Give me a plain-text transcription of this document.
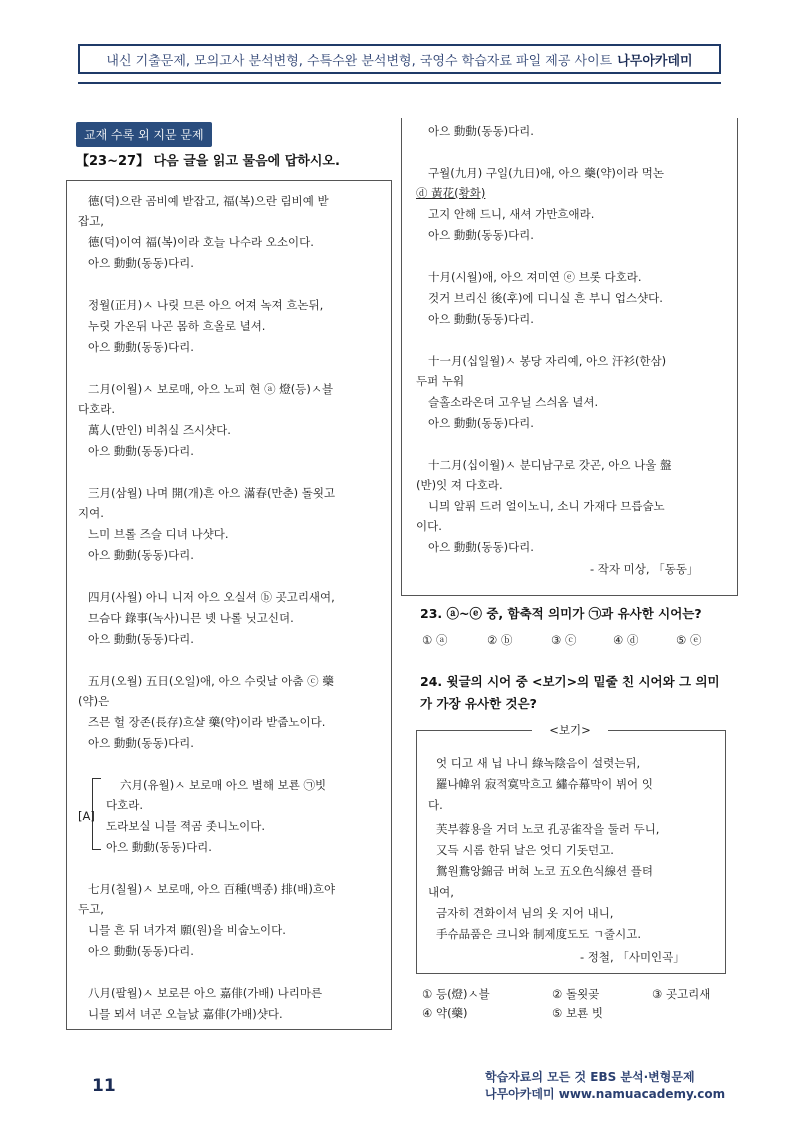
내신 기출문제, 모의고사 분석변형, 수특수완 분석변형, 국영수 학습자료 파일 제공 사이트 나무아카데미
교재 수록 외 지문 문제
【23~27】 다음 글을 읽고 물음에 답하시오.
德(덕)으란 곰비예 받잡고, 福(복)으란 림비예 받
잡고,
德(덕)이여 福(복)이라 호늘 나수라 오소이다.
아으 動動(동동)다리.
정월(正月)ㅅ 나릿 므른 아으 어져 녹져 흐논뒤,
누릿 가온뒤 나곤 몸하 흐올로 녈셔.
아으 動動(동동)다리.
二月(이월)ㅅ 보로매, 아으 노피 현 ⓐ 燈(등)ㅅ블
다호라.
萬人(만인) 비취실 즈시샷다.
아으 動動(동동)다리.
三月(삼월) 나며 開(개)흔 아으 滿春(만춘) 돌욋고
지여.
느미 브롤 즈슬 디녀 나샷다.
아으 動動(동동)다리.
四月(사월) 아니 니저 아으 오실셔 ⓑ 곳고리새여,
므슴다 錄事(녹사)니믄 녯 나롤 닛고신뎌.
아으 動動(동동)다리.
五月(오월) 五日(오일)애, 아으 수릿날 아춤 ⓒ 藥
(약)은
즈믄 헐 장존(長存)흐샬 藥(약)이라 받줍노이다.
아으 動動(동동)다리.
[A]
六月(유월)ㅅ 보로매 아으 별해 보룐 ㉠빗
다호라.
도라보실 니믈 젹곰 좃니노이다.
아으 動動(동동)다리.
七月(칠월)ㅅ 보로매, 아으 百種(백종) 排(배)흐야
두고,
니믈 흔 뒤 녀가져 願(원)을 비숩노이다.
아으 動動(동동)다리.
八月(팔월)ㅅ 보로믄 아으 嘉俳(가배) 나리마른
니믈 뫼셔 녀곤 오늘낤 嘉俳(가배)샷다.
아으 動動(동동)다리.
구월(九月) 구일(九日)애, 아으 藥(약)이라 먹논
ⓓ 黃花(황화)
고지 안해 드니, 새셔 가만흐애라.
아으 動動(동동)다리.
十月(시월)애, 아으 져미연 ⓔ 브롯 다호라.
것거 브리신 後(후)에 디니실 흔 부니 업스샷다.
아으 動動(동동)다리.
十一月(십일월)ㅅ 봉당 자리예, 아으 汗衫(한삼)
두퍼 누워
슬홀소라온뎌 고우닐 스싀옴 녈셔.
아으 動動(동동)다리.
十二月(십이월)ㅅ 분디남구로 갓곤, 아으 나울 盤
(반)잇 져 다호라.
니믜 알퓌 드러 얼이노니, 소니 가재다 므릅숩노
이다.
아으 動動(동동)다리.
- 작자 미상, 「동동」
23. ⓐ~ⓔ 중, 함축적 의미가 ㉠과 유사한 시어는?
① ⓐ	② ⓑ	③ ⓒ	④ ⓓ	⑤ ⓔ
24. 윗글의 시어 중 <보기>의 밑줄 친 시어와 그 의미
가 가장 유사한 것은?
<보기>
엇 디고 새 닙 나니 綠녹陰음이 설렷는뒤,
羅나幃위 寂적寞막흐고 繡슈幕막이 뷔어 잇
다.
芙부蓉용을 거더 노코 孔공雀작을 둘러 두니,
又득 시롬 한뒤 날은 엇디 기돗던고.
鴛원鴦앙錦금 버혀 노코 五오色식線션 플텨
내여,
금자히 견화이셔 님의 옷 지어 내니,
手슈品품은 크니와 制제度도도 ㄱ줄시고.
- 정철, 「사미인곡」
① 등(燈)ㅅ블	② 돌욋곶	③ 곳고리새
④ 약(藥)	⑤ 보룐 빗
11	학습자료의 모든 것 EBS 분석·변형문제
나무아카데미 www.namuacademy.com
